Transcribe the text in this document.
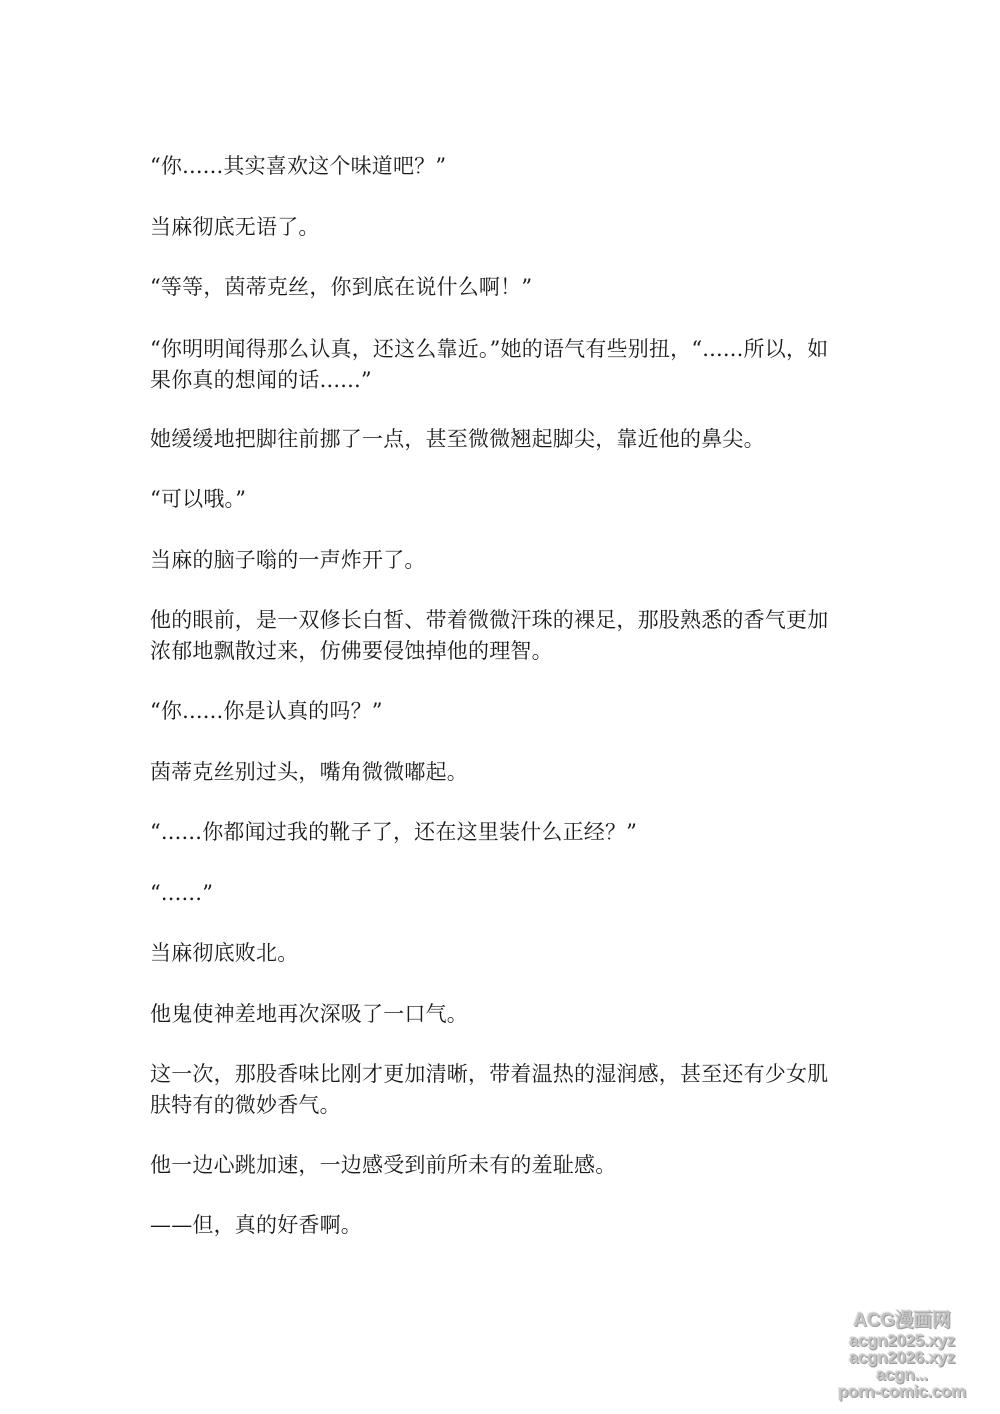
“你......其实喜欢这个味道吧？”

当麻彻底无语了。

“等等，茵蒂克丝，你到底在说什么啊！”

“你明明闻得那么认真，还这么靠近。”她的语气有些别扭，“......所以，如果你真的想闻的话......”

她缓缓地把脚往前挪了一点，甚至微微翘起脚尖，靠近他的鼻尖。

“可以哦。”

当麻的脑子嗡的一声炸开了。

他的眼前，是一双修长白皙、带着微微汗珠的裸足，那股熟悉的香气更加浓郁地飘散过来，仿佛要侵蚀掉他的理智。

“你......你是认真的吗？”

茵蒂克丝别过头，嘴角微微嘟起。

“......你都闻过我的靴子了，还在这里装什么正经？”

“......”

当麻彻底败北。

他鬼使神差地再次深吸了一口气。

这一次，那股香味比刚才更加清晰，带着温热的湿润感，甚至还有少女肌肤特有的微妙香气。

他一边心跳加速，一边感受到前所未有的羞耻感。

——但，真的好香啊。

ACG漫画网
acgn2025.xyz
acgn2026.xyz
acgn...
porn-comic.com
